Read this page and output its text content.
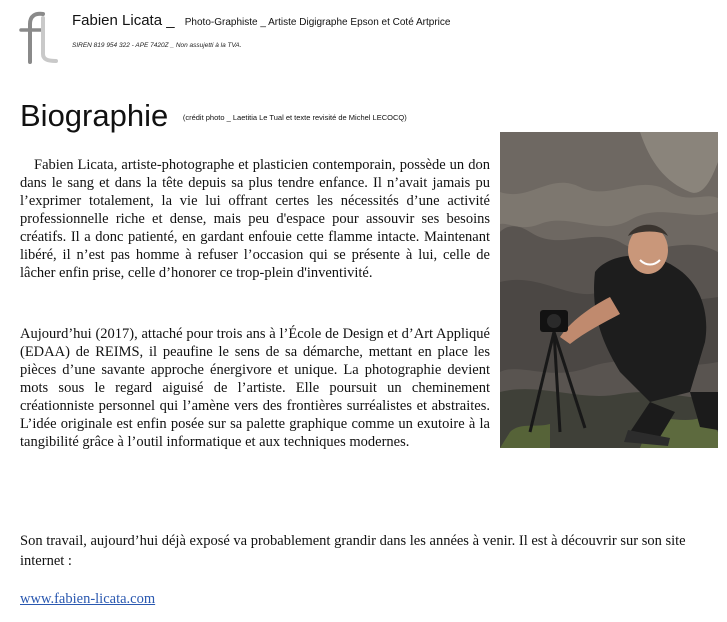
Fabien Licata _ Photo-Graphiste _ Artiste Digigraphe Epson et Coté Artprice
SIREN 819 954 322 - APE 7420Z _ Non assujetti à la TVA.
Biographie (crédit photo _ Laetitia Le Tual et texte revisité de Michel LECOCQ)

Fabien Licata, artiste-photographe et plasticien contemporain, possède un don dans le sang et dans la tête depuis sa plus tendre enfance. Il n’avait jamais pu l’exprimer totalement, la vie lui offrant certes les nécessités d’une activité professionnelle riche et dense, mais peu d'espace pour assouvir ses besoins créatifs. Il a donc patienté, en gardant enfouie cette flamme intacte. Maintenant libéré, il n’est pas homme à refuser l’occasion qui se présente à lui, celle de lâcher enfin prise, celle d’honorer ce trop-plein d'inventivité.

Aujourd’hui (2017), attaché pour trois ans à l’École de Design et d’Art Appliqué (EDAA) de REIMS, il peaufine le sens de sa démarche, mettant en place les pièces d’une savante approche énergivore et unique. La photographie devient mots sous le regard aiguisé de l’artiste. Elle poursuit un cheminement créationniste personnel qui l’amène vers des frontières surréalistes et abstraites. L’idée originale est enfin posée sur sa palette graphique comme un exutoire à la tangibilité grâce à l’outil informatique et aux techniques modernes.

Son travail, aujourd’hui déjà exposé va probablement grandir dans les années à venir. Il est à découvrir sur son site internet :

www.fabien-licata.com
